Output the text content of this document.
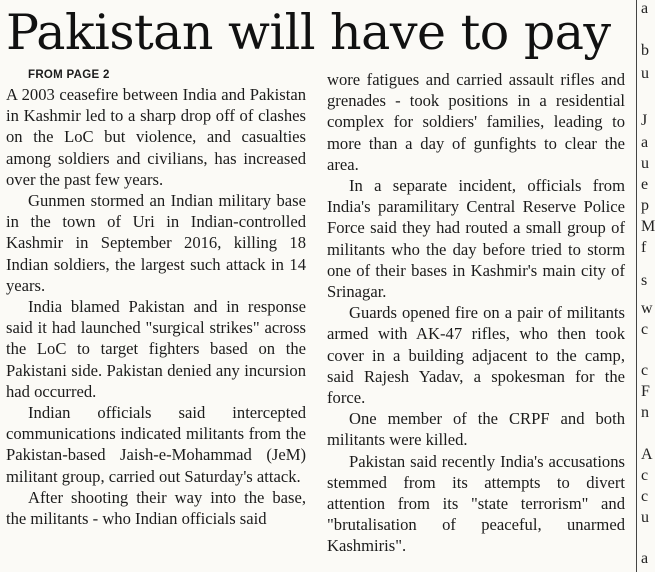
Pakistan will have to pay

FROM PAGE 2

A 2003 ceasefire between India and Pakistan in Kashmir led to a sharp drop off of clashes on the LoC but violence, and casualties among soldiers and civilians, has increased over the past few years.

Gunmen stormed an Indian military base in the town of Uri in Indian-controlled Kashmir in September 2016, killing 18 Indian soldiers, the largest such attack in 14 years.

India blamed Pakistan and in response said it had launched "surgical strikes" across the LoC to target fighters based on the Pakistani side. Pakistan denied any incursion had occurred.

Indian officials said intercepted communications indicated militants from the Pakistan-based Jaish-e-Mohammad (JeM) militant group, carried out Saturday's attack.

After shooting their way into the base, the militants - who Indian officials said

wore fatigues and carried assault rifles and grenades - took positions in a residential complex for soldiers' families, leading to more than a day of gunfights to clear the area.

In a separate incident, officials from India's paramilitary Central Reserve Police Force said they had routed a small group of militants who the day before tried to storm one of their bases in Kashmir's main city of Srinagar.

Guards opened fire on a pair of militants armed with AK-47 rifles, who then took cover in a building adjacent to the camp, said Rajesh Yadav, a spokesman for the force.

One member of the CRPF and both militants were killed.

Pakistan said recently India's accusations stemmed from its attempts to divert attention from its "state terrorism" and "brutalisation of peaceful, unarmed Kashmiris".

a
b
u
J
a
u
e
p
M
f
s
w
c
c
F
n
A
c
c
u
a
